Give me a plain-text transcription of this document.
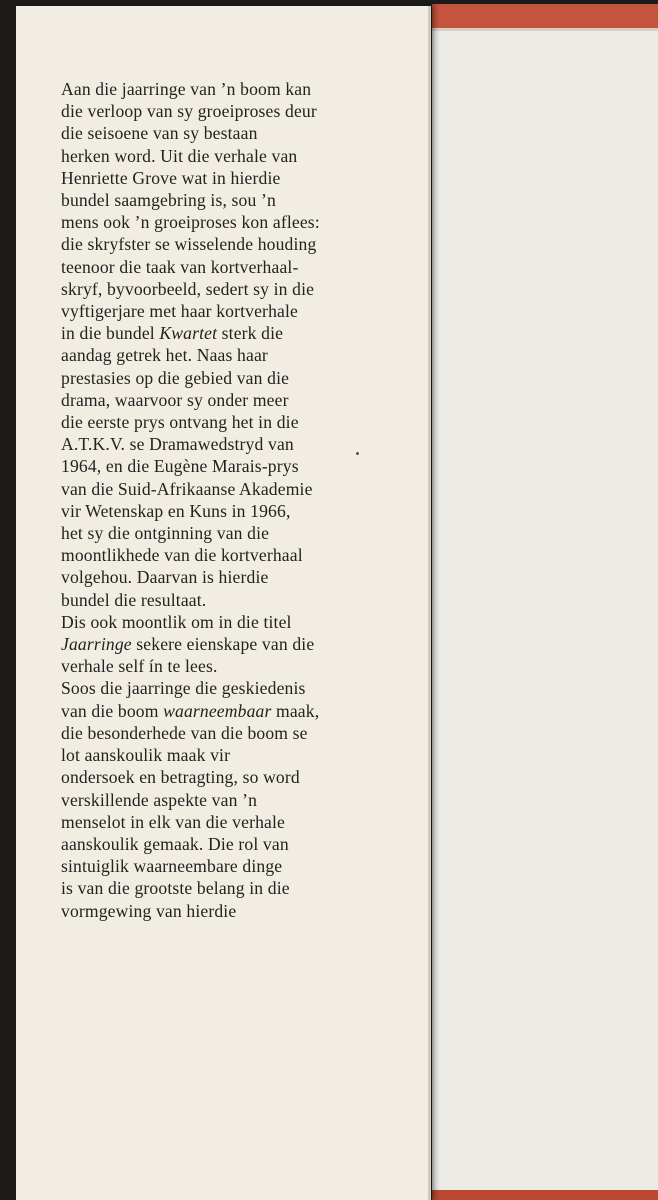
Aan die jaarringe van ’n boom kan
die verloop van sy groeiproses deur
die seisoene van sy bestaan
herken word. Uit die verhale van
Henriette Grove wat in hierdie
bundel saamgebring is, sou ’n
mens ook ’n groeiproses kon aflees:
die skryfster se wisselende houding
teenoor die taak van kortverhaal-
skryf, byvoorbeeld, sedert sy in die
vyftigerjare met haar kortverhale
in die bundel Kwartet sterk die
aandag getrek het. Naas haar
prestasies op die gebied van die
drama, waarvoor sy onder meer
die eerste prys ontvang het in die
A.T.K.V. se Dramawedstryd van
1964, en die Eugène Marais-prys
van die Suid-Afrikaanse Akademie
vir Wetenskap en Kuns in 1966,
het sy die ontginning van die
moontlikhede van die kortverhaal
volgehou. Daarvan is hierdie
bundel die resultaat.
Dis ook moontlik om in die titel
Jaarringe sekere eienskape van die
verhale self ín te lees.
Soos die jaarringe die geskiedenis
van die boom waarneembaar maak,
die besonderhede van die boom se
lot aanskoulik maak vir
ondersoek en betragting, so word
verskillende aspekte van ’n
menselot in elk van die verhale
aanskoulik gemaak. Die rol van
sintuiglik waarneembare dinge
is van die grootste belang in die
vormgewing van hierdie
